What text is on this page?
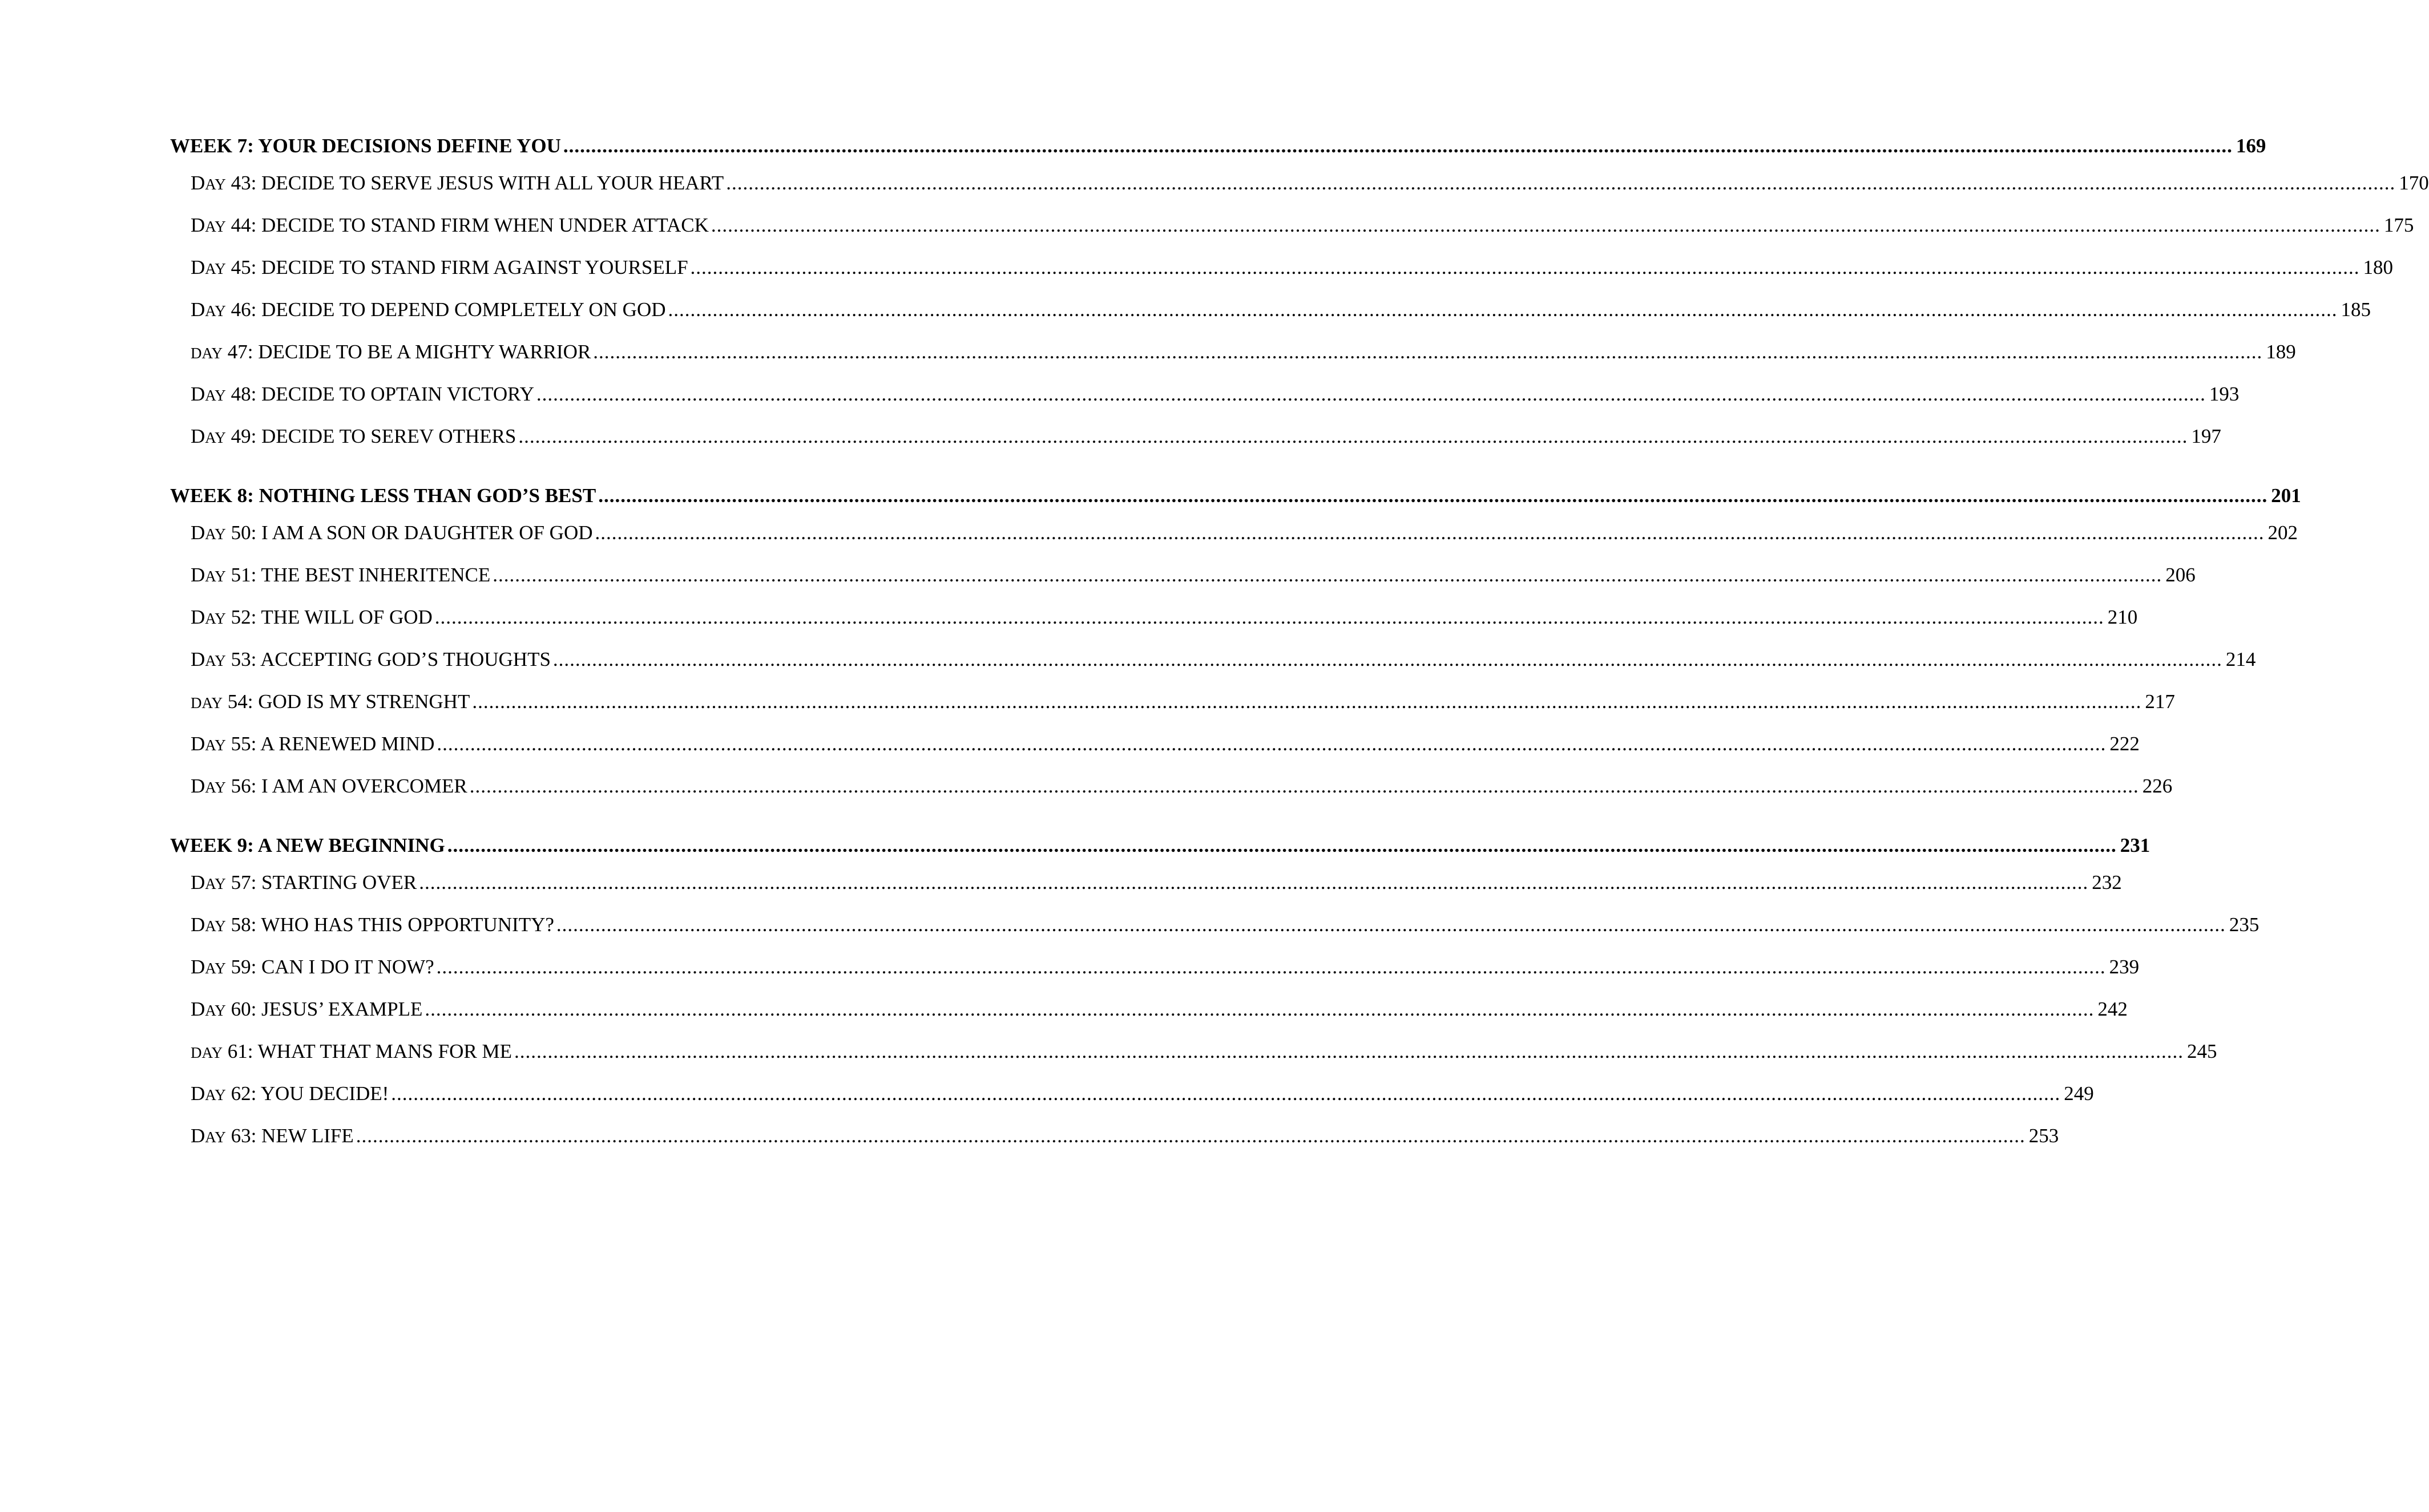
WEEK 7: YOUR DECISIONS DEFINE YOU ............................................................................................................................................................................................................................................................................................................ 169
DAY 43: DECIDE TO SERVE JESUS WITH ALL YOUR HEART ............................................................................................................................................................................................................................................................................................................ 170
DAY 44: DECIDE TO STAND FIRM WHEN UNDER ATTACK ............................................................................................................................................................................................................................................................................................................ 175
DAY 45: DECIDE TO STAND FIRM AGAINST YOURSELF ............................................................................................................................................................................................................................................................................................................ 180
DAY 46: DECIDE TO DEPEND COMPLETELY ON GOD ............................................................................................................................................................................................................................................................................................................ 185
DAY 47: DECIDE TO BE A MIGHTY WARRIOR ............................................................................................................................................................................................................................................................................................................ 189
DAY 48: DECIDE TO OPTAIN VICTORY ............................................................................................................................................................................................................................................................................................................ 193
DAY 49: DECIDE TO SEREV OTHERS ............................................................................................................................................................................................................................................................................................................ 197
WEEK 8: NOTHING LESS THAN GOD’S BEST ............................................................................................................................................................................................................................................................................................................ 201
DAY 50: I AM A SON OR DAUGHTER OF GOD ............................................................................................................................................................................................................................................................................................................ 202
DAY 51: THE BEST INHERITENCE ............................................................................................................................................................................................................................................................................................................ 206
DAY 52: THE WILL OF GOD ............................................................................................................................................................................................................................................................................................................ 210
DAY 53: ACCEPTING GOD’S THOUGHTS ............................................................................................................................................................................................................................................................................................................ 214
DAY 54: GOD IS MY STRENGHT ............................................................................................................................................................................................................................................................................................................ 217
DAY 55: A RENEWED MIND ............................................................................................................................................................................................................................................................................................................ 222
DAY 56: I AM AN OVERCOMER ............................................................................................................................................................................................................................................................................................................ 226
WEEK 9: A NEW BEGINNING ............................................................................................................................................................................................................................................................................................................ 231
DAY 57: STARTING OVER ............................................................................................................................................................................................................................................................................................................ 232
DAY 58: WHO HAS THIS OPPORTUNITY? ............................................................................................................................................................................................................................................................................................................ 235
DAY 59: CAN I DO IT NOW? ............................................................................................................................................................................................................................................................................................................ 239
DAY 60: JESUS’ EXAMPLE ............................................................................................................................................................................................................................................................................................................ 242
DAY 61: WHAT THAT MANS FOR ME ............................................................................................................................................................................................................................................................................................................ 245
DAY 62: YOU DECIDE! ............................................................................................................................................................................................................................................................................................................ 249
DAY 63: NEW LIFE ............................................................................................................................................................................................................................................................................................................ 253
